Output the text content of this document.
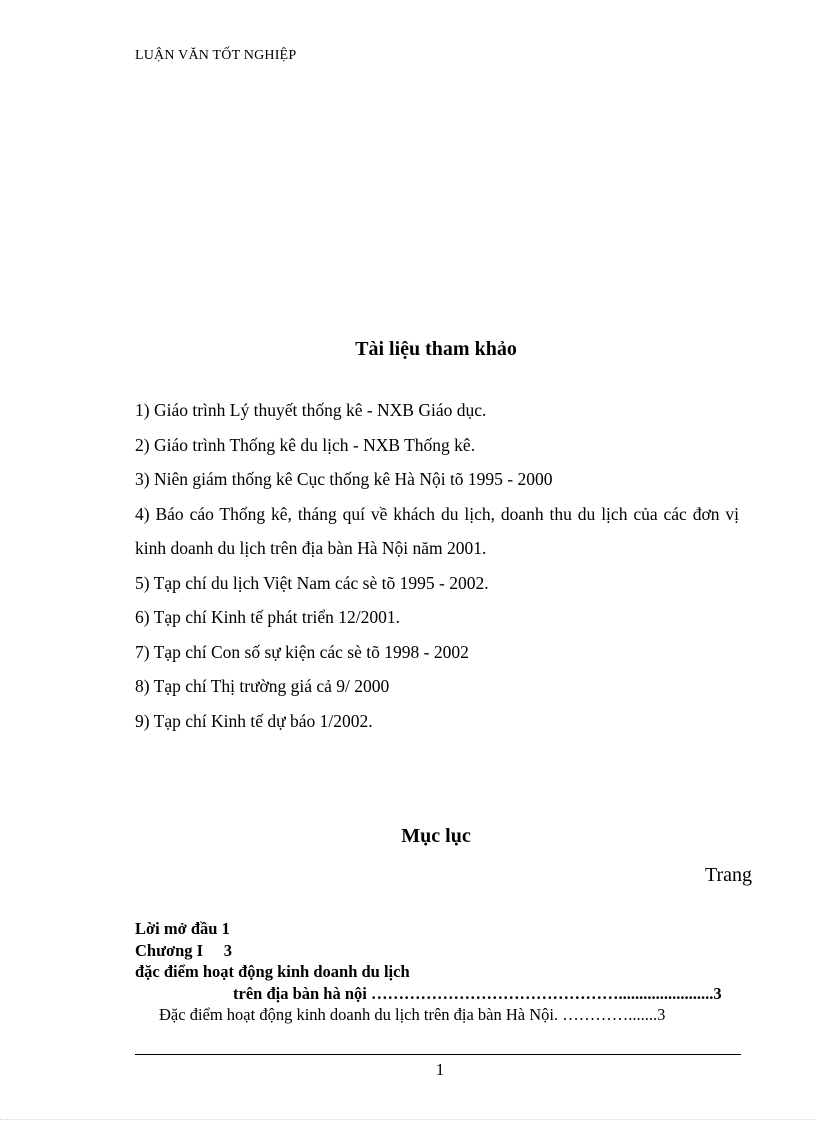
LUẬN VĂN TỐT NGHIỆP
Tài liệu tham khảo

1) Giáo trình Lý thuyết thống kê - NXB Giáo dục.

2) Giáo trình Thống kê du lịch - NXB Thống kê.

3) Niên giám thống kê Cục thống kê Hà Nội tõ 1995 - 2000

4) Báo cáo Thống kê, tháng quí về khách du lịch, doanh thu du lịch của các đơn vị kinh doanh du lịch trên địa bàn Hà Nội năm 2001.

5) Tạp chí du lịch Việt Nam các sè tõ 1995 - 2002.

6) Tạp chí Kinh tế phát triển 12/2001.

7) Tạp chí Con số sự kiện các sè tõ 1998 - 2002

8) Tạp chí Thị trường giá cả 9/ 2000

9) Tạp chí Kinh tế dự báo 1/2002.

Mục lục
Trang
Lời mở đầu 1
Chương I     3
đặc điểm hoạt động kinh doanh du lịch
trên địa bàn hà nội ……………………………………….......................3
Đặc điểm hoạt động kinh doanh du lịch trên địa bàn Hà Nội. ………….......3
1
